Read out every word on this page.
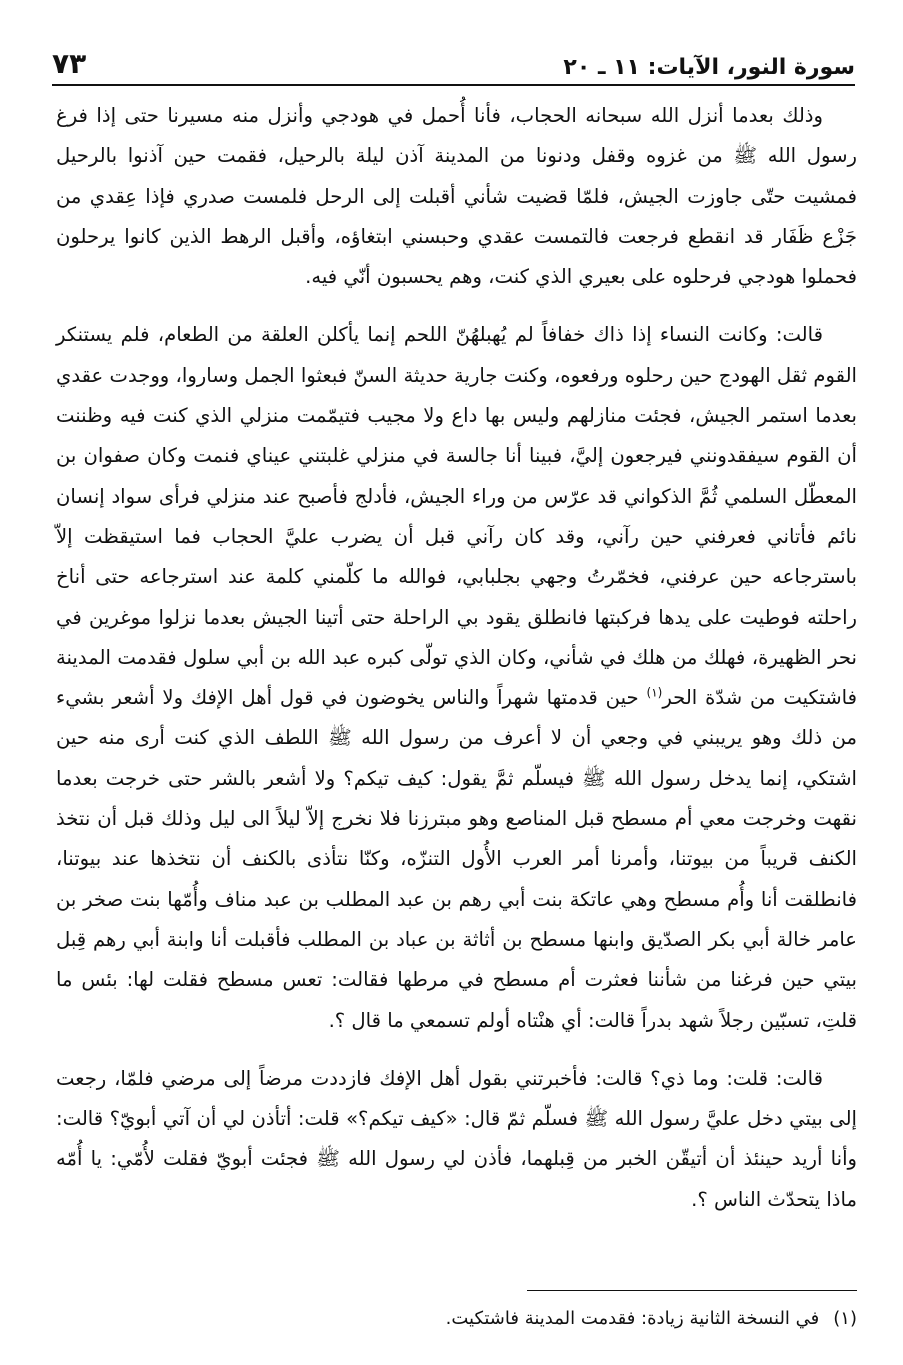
سورة النور، الآيات: ١١ ـ ٢٠
٧٣

وذلك بعدما أنزل الله سبحانه الحجاب، فأنا أُحمل في هودجي وأنزل منه مسيرنا حتى إذا فرغ رسول الله ﷺ من غزوه وقفل ودنونا من المدينة آذن ليلة بالرحيل، فقمت حين آذنوا بالرحيل فمشيت حتّى جاوزت الجيش، فلمّا قضيت شأني أقبلت إلى الرحل فلمست صدري فإذا عِقدي من جَزْع ظَفَار قد انقطع فرجعت فالتمست عقدي وحبسني ابتغاؤه، وأقبل الرهط الذين كانوا يرحلون فحملوا هودجي فرحلوه على بعيري الذي كنت، وهم يحسبون أنّي فيه.

قالت: وكانت النساء إذا ذاك خفافاً لم يُهبلهُنّ اللحم إنما يأكلن العلقة من الطعام، فلم يستنكر القوم ثقل الهودج حين رحلوه ورفعوه، وكنت جارية حديثة السنّ فبعثوا الجمل وساروا، ووجدت عقدي بعدما استمر الجيش، فجئت منازلهم وليس بها داع ولا مجيب فتيمّمت منزلي الذي كنت فيه وظننت أن القوم سيفقدونني فيرجعون إليَّ، فبينا أنا جالسة في منزلي غلبتني عيناي فنمت وكان صفوان بن المعطّل السلمي ثُمَّ الذكواني قد عرّس من وراء الجيش، فأدلج فأصبح عند منزلي فرأى سواد إنسان نائم فأتاني فعرفني حين رآني، وقد كان رآني قبل أن يضرب عليَّ الحجاب فما استيقظت إلاّ باسترجاعه حين عرفني، فخمّرتُ وجهي بجلبابي، فوالله ما كلّمني كلمة عند استرجاعه حتى أناخ راحلته فوطيت على يدها فركبتها فانطلق يقود بي الراحلة حتى أتينا الجيش بعدما نزلوا موغرين في نحر الظهيرة، فهلك من هلك في شأني، وكان الذي تولّى كبره عبد الله بن أبي سلول فقدمت المدينة فاشتكيت من شدّة الحر$^{(١)}$ حين قدمتها شهراً والناس يخوضون في قول أهل الإفك ولا أشعر بشيء من ذلك وهو يريبني في وجعي أن لا أعرف من رسول الله ﷺ اللطف الذي كنت أرى منه حين اشتكي، إنما يدخل رسول الله ﷺ فيسلّم ثمَّ يقول: كيف تيكم؟ ولا أشعر بالشر حتى خرجت بعدما نقهت وخرجت معي أم مسطح قبل المناصع وهو مبترزنا فلا نخرج إلاّ ليلاً الى ليل وذلك قبل أن نتخذ الكنف قريباً من بيوتنا، وأمرنا أمر العرب الأُول التنزّه، وكنّا نتأذى بالكنف أن نتخذها عند بيوتنا، فانطلقت أنا وأُم مسطح وهي عاتكة بنت أبي رهم بن عبد المطلب بن عبد مناف وأُمّها بنت صخر بن عامر خالة أبي بكر الصدّيق وابنها مسطح بن أثاثة بن عباد بن المطلب فأقبلت أنا وابنة أبي رهم قِبل بيتي حين فرغنا من شأننا فعثرت أم مسطح في مرطها فقالت: تعس مسطح فقلت لها: بئس ما قلتِ، تسبّين رجلاً شهد بدراً قالت: أي هنْتاه أولم تسمعي ما قال ؟.

قالت: قلت: وما ذي؟ قالت: فأخبرتني بقول أهل الإفك فازددت مرضاً إلى مرضي فلمّا، رجعت إلى بيتي دخل عليَّ رسول الله ﷺ فسلّم ثمّ قال: «كيف تيكم؟» قلت: أتأذن لي أن آتي أبويّ؟ قالت: وأنا أريد حينئذ أن أتيقّن الخبر من قِبلهما، فأذن لي رسول الله ﷺ فجئت أبويّ فقلت لأُمّي: يا أُمّه ماذا يتحدّث الناس ؟.

(١)
في النسخة الثانية زيادة: فقدمت المدينة فاشتكيت.
